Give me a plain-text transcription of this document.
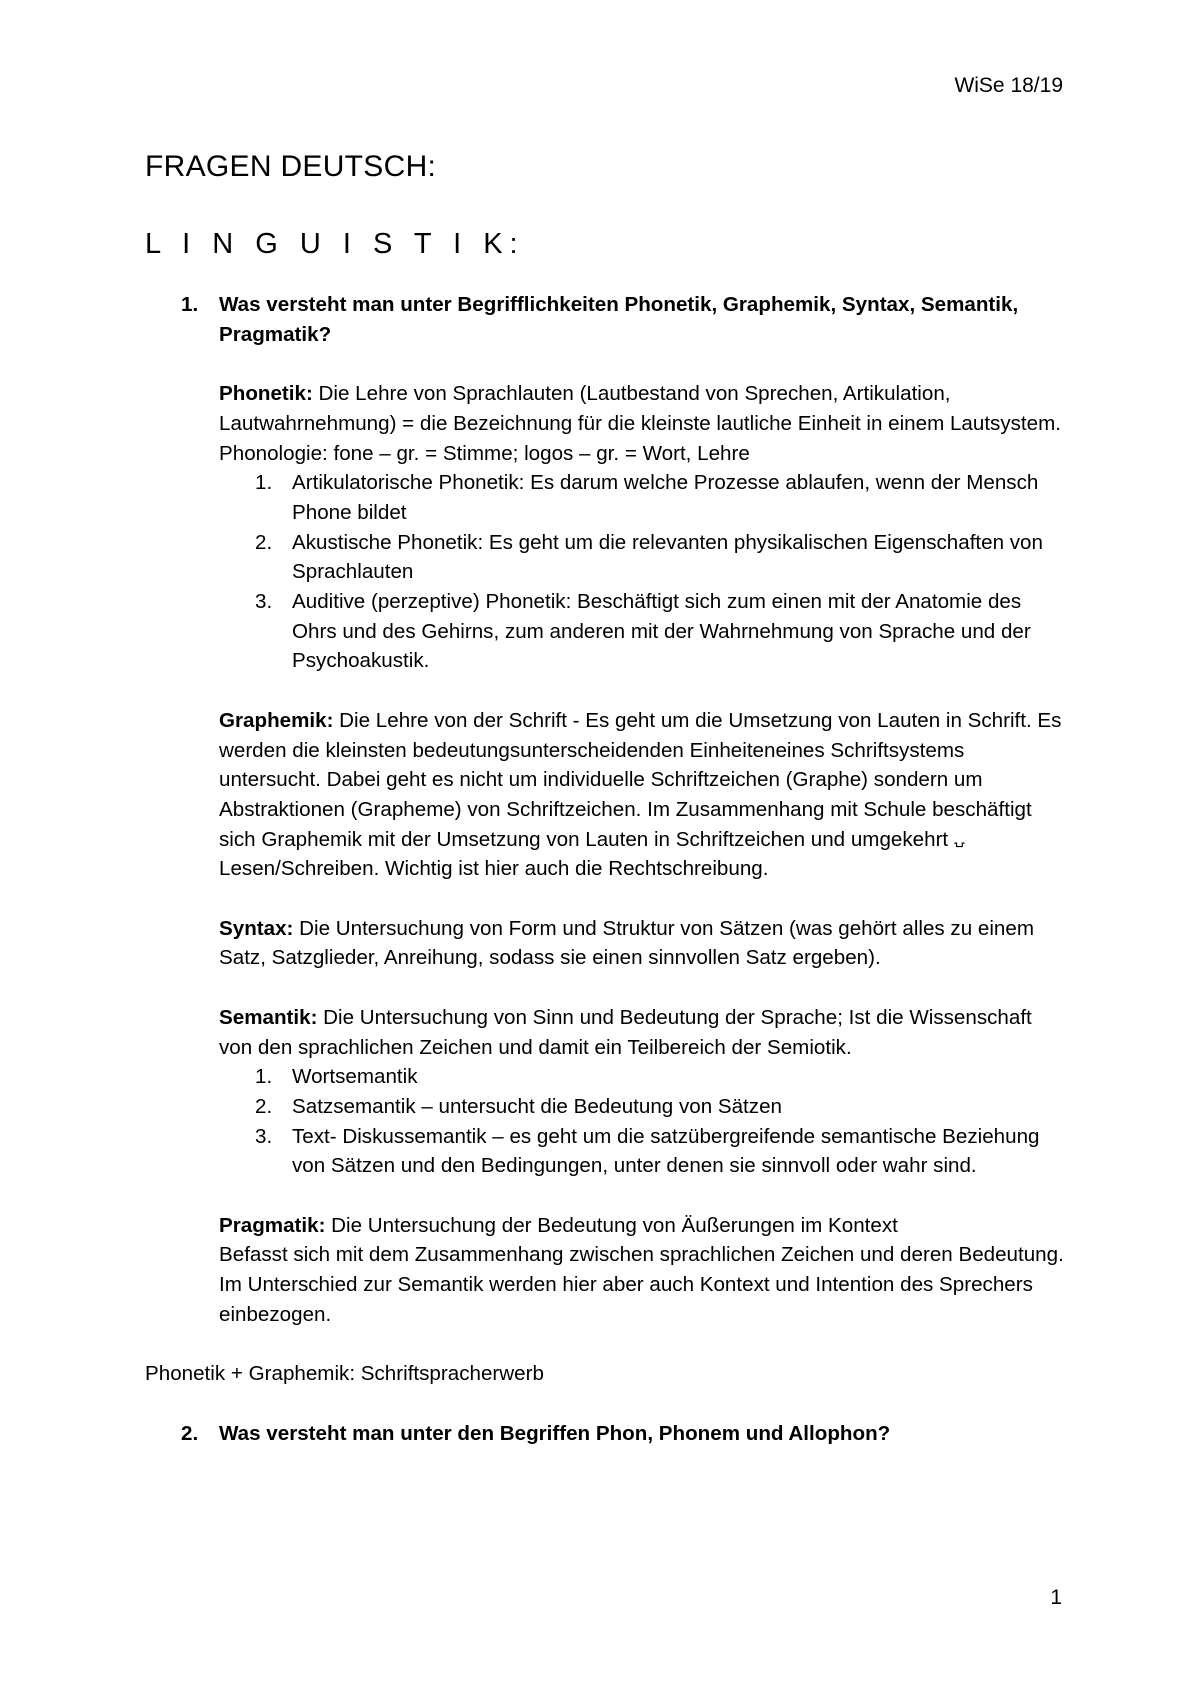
WiSe 18/19
FRAGEN DEUTSCH:
L I N G U I S T I K:
1. Was versteht man unter Begrifflichkeiten Phonetik, Graphemik, Syntax, Semantik, Pragmatik?
Phonetik: Die Lehre von Sprachlauten (Lautbestand von Sprechen, Artikulation, Lautwahrnehmung) = die Bezeichnung für die kleinste lautliche Einheit in einem Lautsystem.
Phonologie: fone – gr. = Stimme; logos – gr. = Wort, Lehre
1. Artikulatorische Phonetik: Es darum welche Prozesse ablaufen, wenn der Mensch Phone bildet
2. Akustische Phonetik: Es geht um die relevanten physikalischen Eigenschaften von Sprachlauten
3. Auditive (perzeptive) Phonetik: Beschäftigt sich zum einen mit der Anatomie des Ohrs und des Gehirns, zum anderen mit der Wahrnehmung von Sprache und der Psychoakustik.
Graphemik: Die Lehre von der Schrift - Es geht um die Umsetzung von Lauten in Schrift. Es werden die kleinsten bedeutungsunterscheidenden Einheiteneines Schriftsystems untersucht. Dabei geht es nicht um individuelle Schriftzeichen (Graphe) sondern um Abstraktionen (Grapheme) von Schriftzeichen. Im Zusammenhang mit Schule beschäftigt sich Graphemik mit der Umsetzung von Lauten in Schriftzeichen und umgekehrt ⍽Lesen/Schreiben. Wichtig ist hier auch die Rechtschreibung.
Syntax: Die Untersuchung von Form und Struktur von Sätzen (was gehört alles zu einem Satz, Satzglieder, Anreihung, sodass sie einen sinnvollen Satz ergeben).
Semantik: Die Untersuchung von Sinn und Bedeutung der Sprache; Ist die Wissenschaft von den sprachlichen Zeichen und damit ein Teilbereich der Semiotik.
1. Wortsemantik
2. Satzsemantik – untersucht die Bedeutung von Sätzen
3. Text- Diskussemantik – es geht um die satzübergreifende semantische Beziehung von Sätzen und den Bedingungen, unter denen sie sinnvoll oder wahr sind.
Pragmatik: Die Untersuchung der Bedeutung von Äußerungen im Kontext
Befasst sich mit dem Zusammenhang zwischen sprachlichen Zeichen und deren Bedeutung. Im Unterschied zur Semantik werden hier aber auch Kontext und Intention des Sprechers einbezogen.
Phonetik + Graphemik: Schriftspracherwerb
2. Was versteht man unter den Begriffen Phon, Phonem und Allophon?
1
